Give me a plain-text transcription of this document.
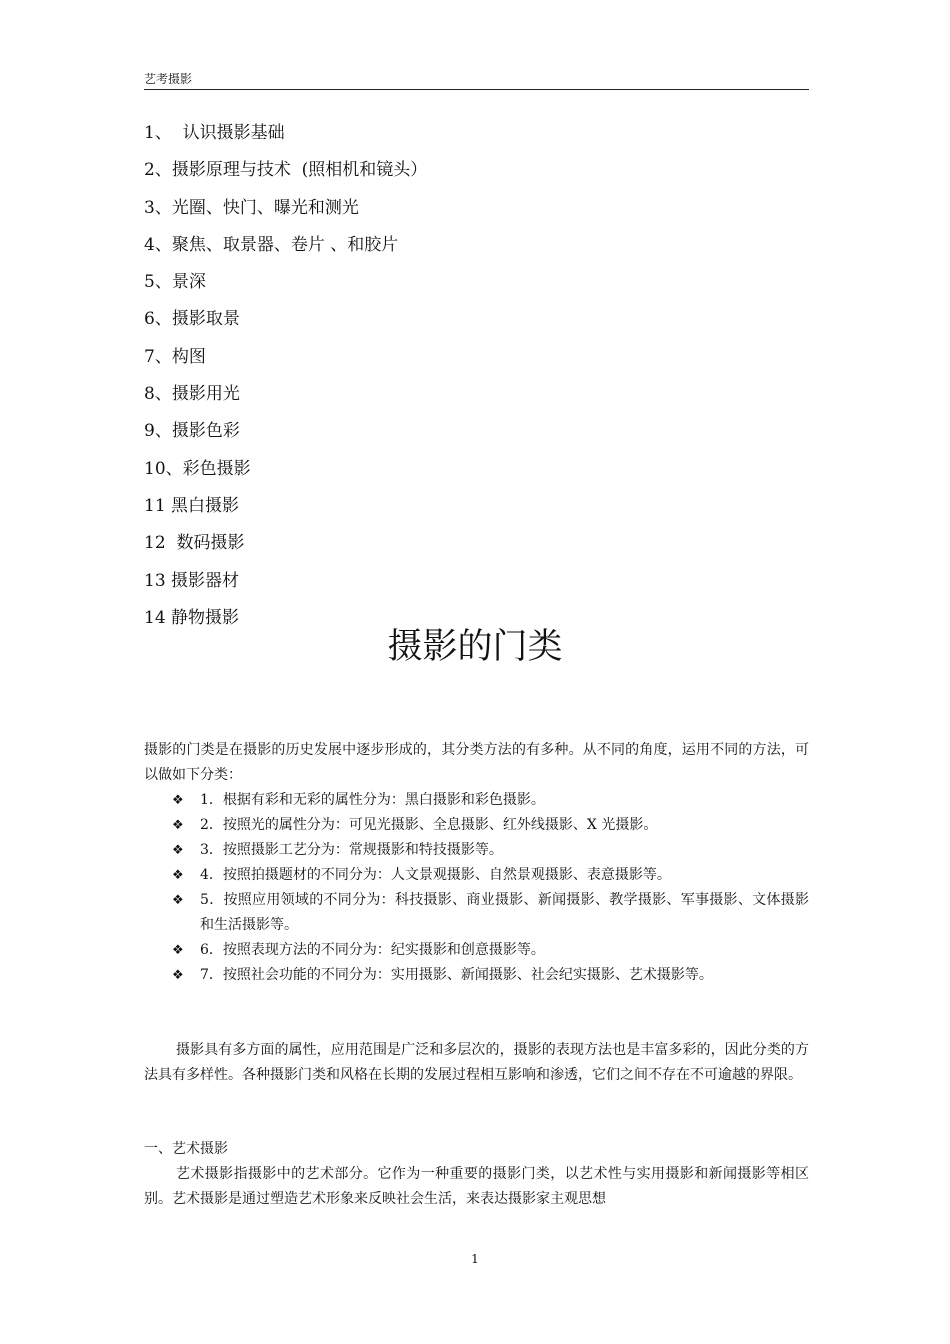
艺考摄影
1、  认识摄影基础
2、摄影原理与技术  (照相机和镜头）
3、光圈、快门、曝光和测光
4、聚焦、取景器、卷片 、和胶片
5、景深
6、摄影取景
7、构图
8、摄影用光
9、摄影色彩
10、彩色摄影
11 黑白摄影
12  数码摄影
13 摄影器材
14 静物摄影
摄影的门类

摄影的门类是在摄影的历史发展中逐步形成的，其分类方法的有多种。从不同的角度，运用不同的方法，可以做如下分类：

❖ 1．根据有彩和无彩的属性分为：黑白摄影和彩色摄影。
❖ 2．按照光的属性分为：可见光摄影、全息摄影、红外线摄影、X 光摄影。
❖ 3．按照摄影工艺分为：常规摄影和特技摄影等。
❖ 4．按照拍摄题材的不同分为：人文景观摄影、自然景观摄影、表意摄影等。
❖ 5．按照应用领域的不同分为：科技摄影、商业摄影、新闻摄影、教学摄影、军事摄影、文体摄影和生活摄影等。
❖ 6．按照表现方法的不同分为：纪实摄影和创意摄影等。
❖ 7．按照社会功能的不同分为：实用摄影、新闻摄影、社会纪实摄影、艺术摄影等。

摄影具有多方面的属性，应用范围是广泛和多层次的，摄影的表现方法也是丰富多彩的，因此分类的方法具有多样性。各种摄影门类和风格在长期的发展过程相互影响和渗透，它们之间不存在不可逾越的界限。

一、艺术摄影

艺术摄影指摄影中的艺术部分。它作为一种重要的摄影门类，以艺术性与实用摄影和新闻摄影等相区别。艺术摄影是通过塑造艺术形象来反映社会生活，来表达摄影家主观思想

1
